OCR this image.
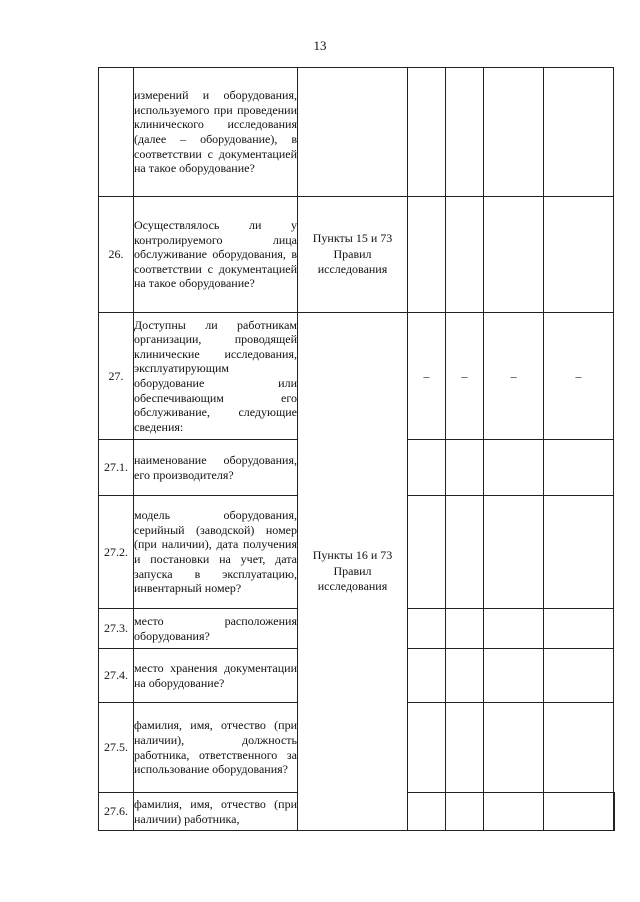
13
	измерений и оборудования, используемого при проведении клинического исследования (далее – оборудование), в соответствии с документацией на такое оборудование?						
26.	Осуществлялось ли у контролируемого лица обслуживание оборудования, в соответствии с документацией на такое оборудование?	Пункты 15 и 73 Правил исследования					
27.	Доступны ли работникам организации, проводящей клинические исследования, эксплуатирующим оборудование или обеспечивающим его обслуживание, следующие сведения:	Пункты 16 и 73 Правил исследования	–	–	–	–	
27.1.	наименование оборудования, его производителя?						
27.2.	модель оборудования, серийный (заводской) номер (при наличии), дата получения и постановки на учет, дата запуска в эксплуатацию, инвентарный номер?						
27.3.	место расположения оборудования?						
27.4.	место хранения документации на оборудование?						
27.5.	фамилия, имя, отчество (при наличии), должность работника, ответственного за использование оборудования?						
27.6.	фамилия, имя, отчество (при наличии) работника,						
